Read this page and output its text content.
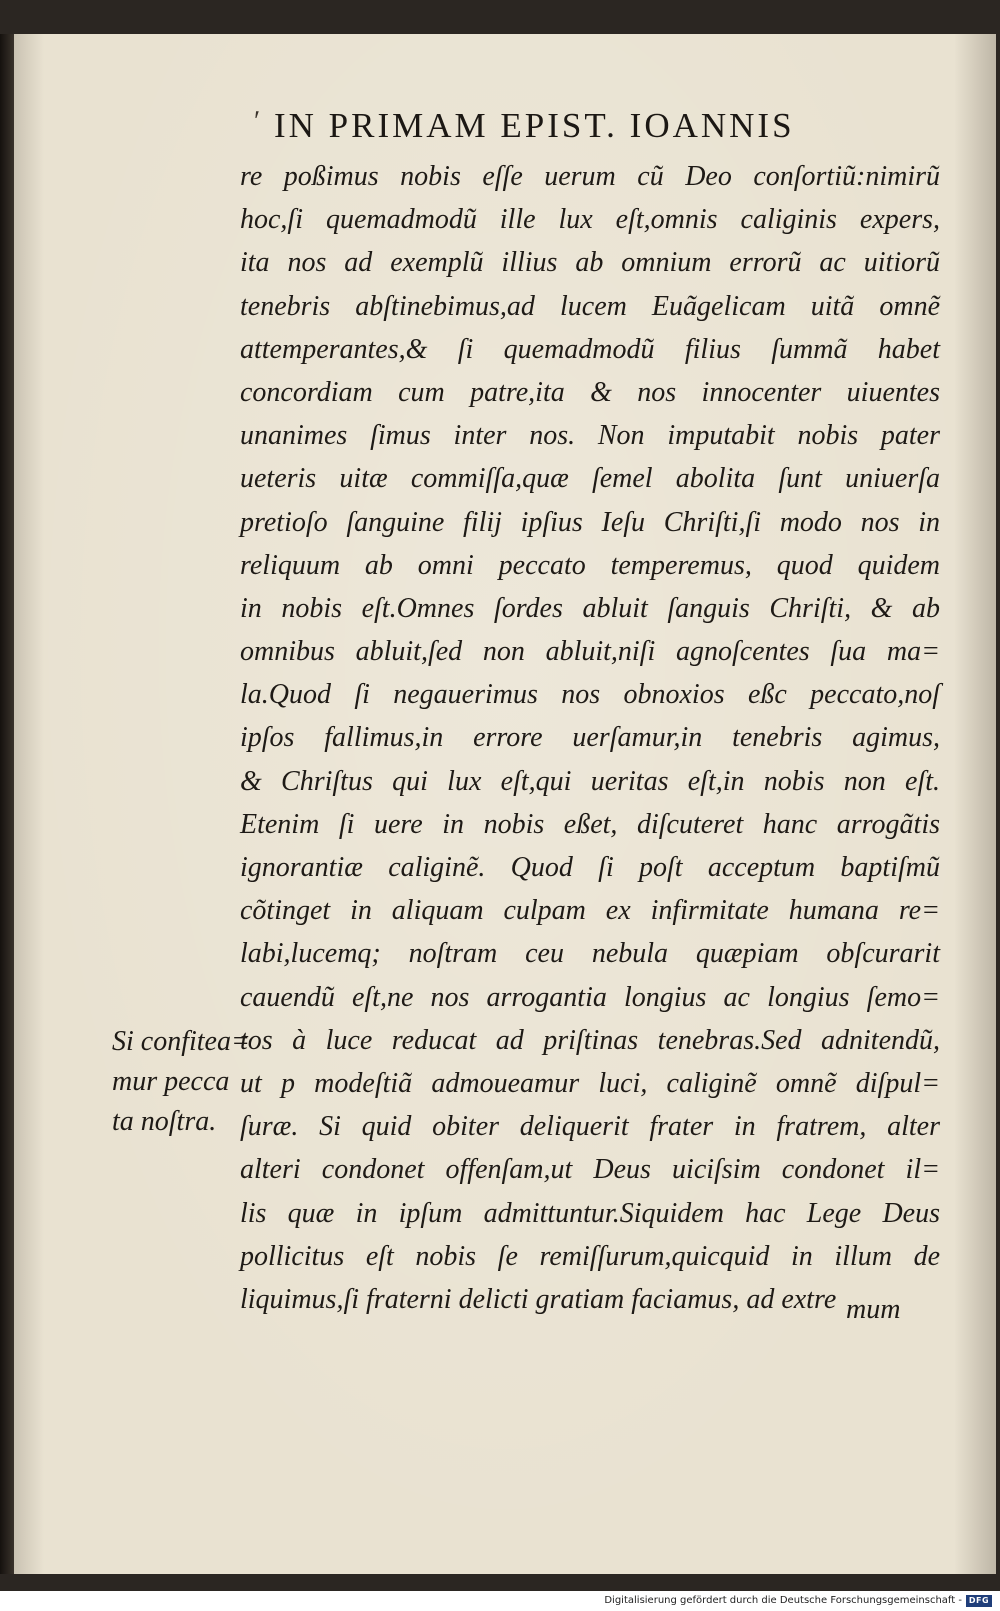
ʹ IN PRIMAM EPIST. IOANNIS
re poßimus nobis eſſe uerum cũ Deo conſortiũ:nimirũ
hoc,ſi quemadmodũ ille lux eſt,omnis caliginis expers,
ita nos ad exemplũ illius ab omnium errorũ ac uitiorũ
tenebris abſtinebimus,ad lucem Euãgelicam uitã omnẽ
attemperantes,& ſi quemadmodũ filius ſummã habet
concordiam cum patre,ita & nos innocenter uiuentes
unanimes ſimus inter nos. Non imputabit nobis pater
ueteris uitæ commiſſa,quæ ſemel abolita ſunt uniuerſa
pretioſo ſanguine filij ipſius Ieſu Chriſti,ſi modo nos in
reliquum ab omni peccato temperemus, quod quidem
in nobis eſt.Omnes ſordes abluit ſanguis Chriſti, & ab
omnibus abluit,ſed non abluit,niſi agnoſcentes ſua ma=
la.Quod ſi negauerimus nos obnoxios eßc peccato,noſ
ipſos fallimus,in errore uerſamur,in tenebris agimus,
& Chriſtus qui lux eſt,qui ueritas eſt,in nobis non eſt.
Etenim ſi uere in nobis eßet, diſcuteret hanc arrogãtis
ignorantiæ caliginẽ. Quod ſi poſt acceptum baptiſmũ
cõtinget in aliquam culpam ex infirmitate humana re=
labi,lucemq; noſtram ceu nebula quæpiam obſcurarit
cauendũ eſt,ne nos arrogantia longius ac longius ſemo=
tos à luce reducat ad priſtinas tenebras.Sed adnitendũ,
ut p modeſtiã admoueamur luci, caliginẽ omnẽ diſpul=
ſuræ. Si quid obiter deliquerit frater in fratrem, alter
alteri condonet offenſam,ut Deus uiciſsim condonet il=
lis quæ in ipſum admittuntur.Siquidem hac Lege Deus
pollicitus eſt nobis ſe remiſſurum,quicquid in illum de
liquimus,ſi fraterni delicti gratiam faciamus, ad extre mum
Si confitea=
mur pecca
ta noſtra.
Digitalisierung gefördert durch die Deutsche Forschungsgemeinschaft - DFG
